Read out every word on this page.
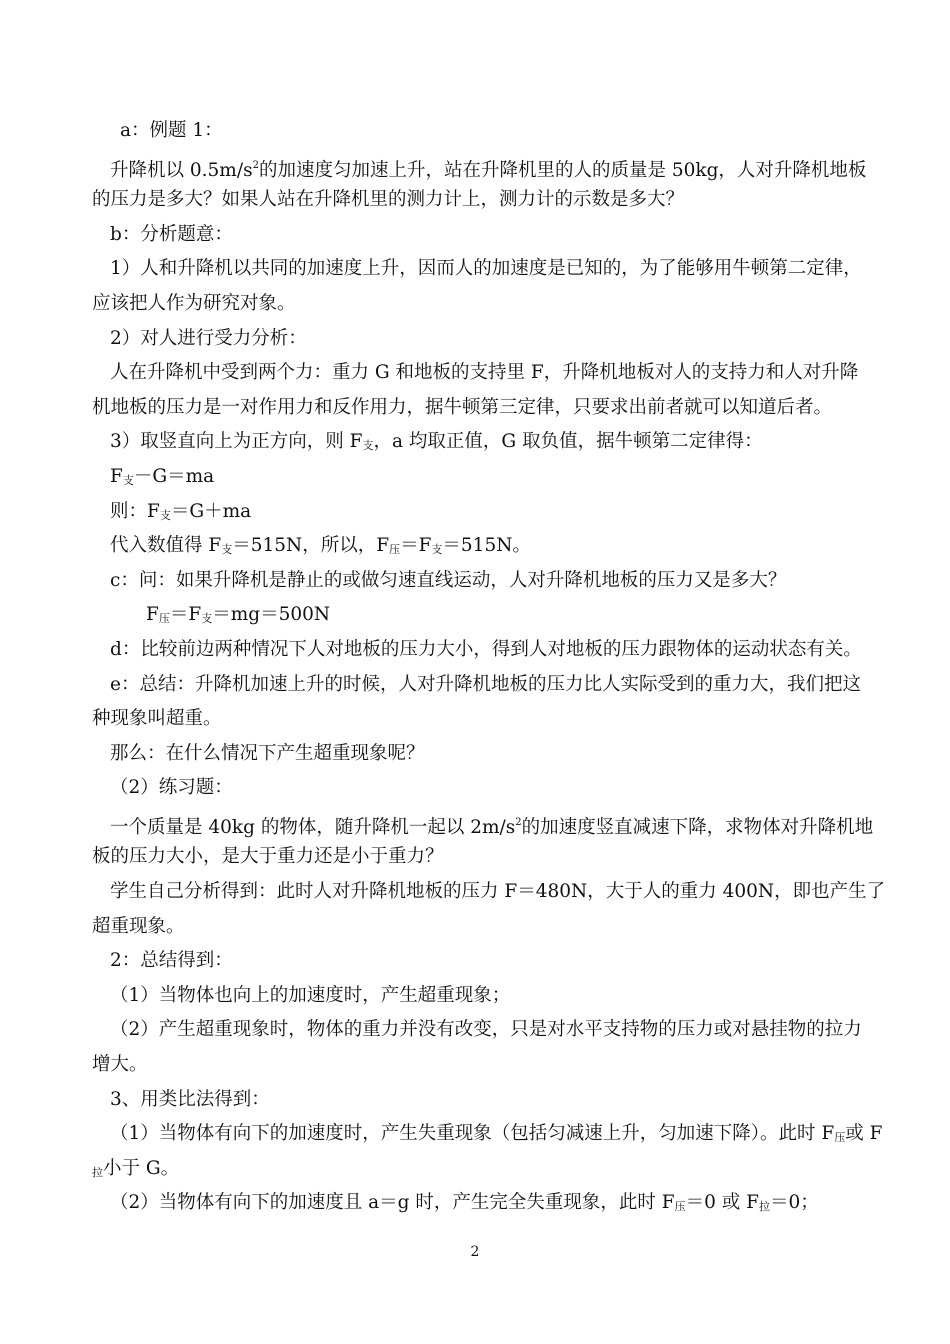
a：例题 1：
升降机以 $0.5m/s^2$的加速度匀加速上升，站在升降机里的人的质量是 50kg，人对升降机地板
的压力是多大？如果人站在升降机里的测力计上，测力计的示数是多大？
b：分析题意：
1）人和升降机以共同的加速度上升，因而人的加速度是已知的，为了能够用牛顿第二定律，
应该把人作为研究对象。
2）对人进行受力分析：
人在升降机中受到两个力：重力 G 和地板的支持里 F，升降机地板对人的支持力和人对升降
机地板的压力是一对作用力和反作用力，据牛顿第三定律，只要求出前者就可以知道后者。
3）取竖直向上为正方向，则 F支，a 均取正值，G 取负值，据牛顿第二定律得：
F支－G＝ma
则：F支＝G＋ma
代入数值得 F支＝515N，所以，F压＝F支＝515N。
c：问：如果升降机是静止的或做匀速直线运动，人对升降机地板的压力又是多大？
F压＝F支＝mg＝500N
d：比较前边两种情况下人对地板的压力大小，得到人对地板的压力跟物体的运动状态有关。
e：总结：升降机加速上升的时候，人对升降机地板的压力比人实际受到的重力大，我们把这
种现象叫超重。
那么：在什么情况下产生超重现象呢？
（2）练习题：
一个质量是 40kg 的物体，随升降机一起以 $2m/s^2$的加速度竖直减速下降，求物体对升降机地
板的压力大小，是大于重力还是小于重力？
学生自己分析得到：此时人对升降机地板的压力 F＝480N，大于人的重力 400N，即也产生了
超重现象。
2：总结得到：
（1）当物体也向上的加速度时，产生超重现象；
（2）产生超重现象时，物体的重力并没有改变，只是对水平支持物的压力或对悬挂物的拉力
增大。
3、用类比法得到：
（1）当物体有向下的加速度时，产生失重现象（包括匀减速上升，匀加速下降）。此时 F压或 F
拉小于 G。
（2）当物体有向下的加速度且 a＝g 时，产生完全失重现象，此时 F压＝0 或 F拉＝0；
2
